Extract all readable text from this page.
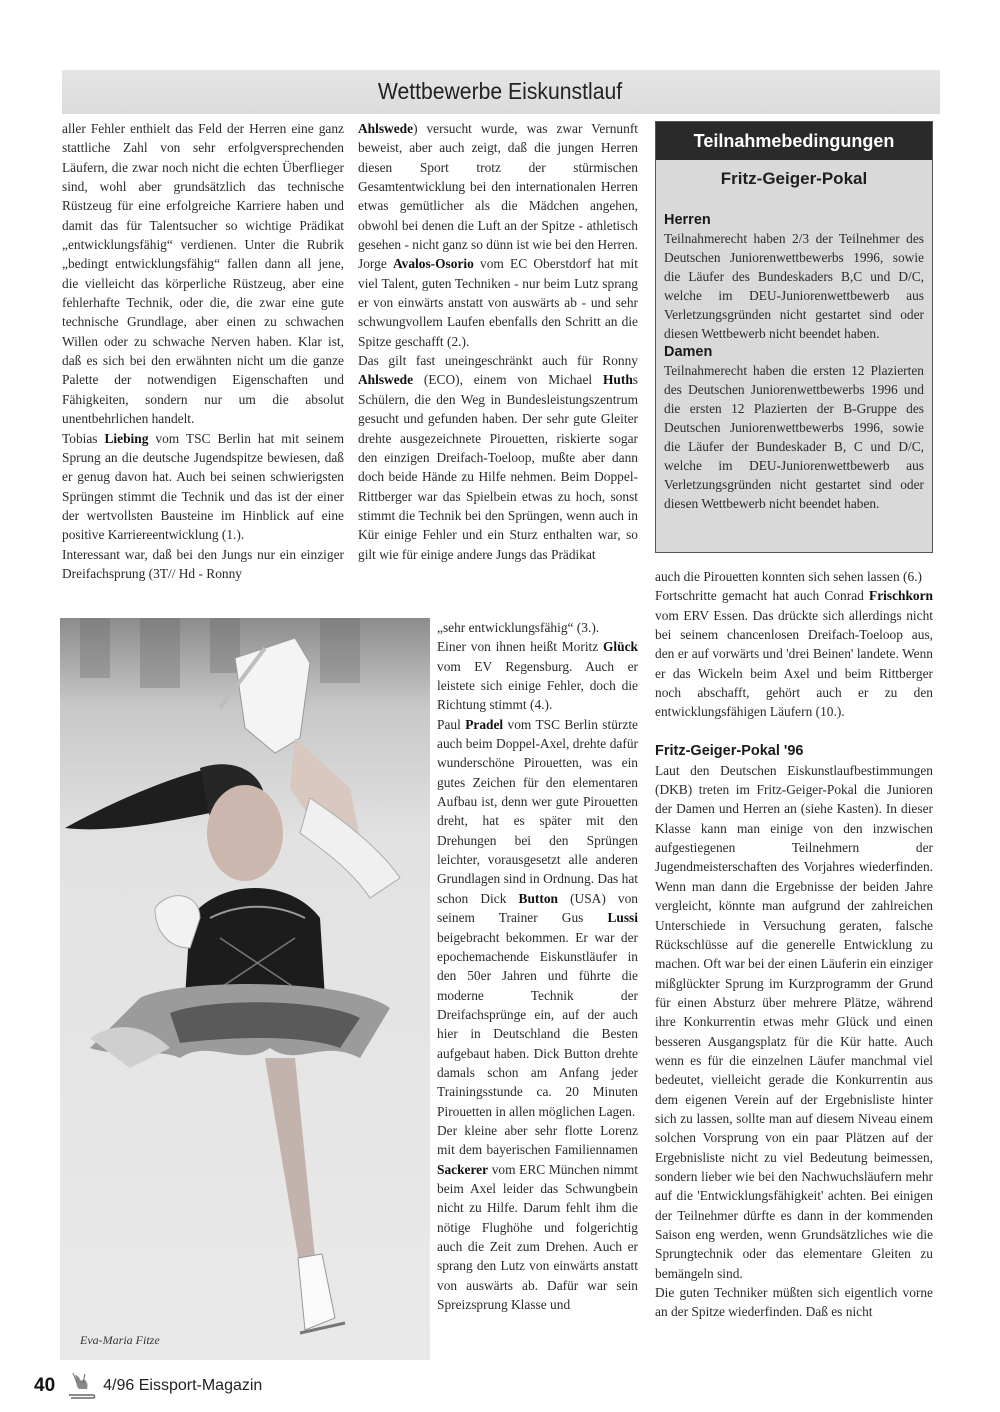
Wettbewerbe Eiskunstlauf

aller Fehler enthielt das Feld der Herren eine ganz stattliche Zahl von sehr erfolgversprechenden Läufern, die zwar noch nicht die echten Überflieger sind, wohl aber grundsätzlich das technische Rüstzeug für eine erfolgreiche Karriere haben und damit das für Talentsucher so wichtige Prädikat „entwicklungsfähig“ verdienen. Unter die Rubrik „bedingt entwicklungsfähig“ fallen dann all jene, die vielleicht das körperliche Rüstzeug, aber eine fehlerhafte Technik, oder die, die zwar eine gute technische Grundlage, aber einen zu schwachen Willen oder zu schwache Nerven haben. Klar ist, daß es sich bei den erwähnten nicht um die ganze Palette der notwendigen Eigenschaften und Fähigkeiten, sondern nur um die absolut unentbehrlichen handelt.

Tobias Liebing vom TSC Berlin hat mit seinem Sprung an die deutsche Jugendspitze bewiesen, daß er genug davon hat. Auch bei seinen schwierigsten Sprüngen stimmt die Technik und das ist der einer der wertvollsten Bausteine im Hinblick auf eine positive Karriereentwicklung (1.).

Interessant war, daß bei den Jungs nur ein einziger Dreifachsprung (3T// Hd - Ronny

Ahlswede) versucht wurde, was zwar Vernunft beweist, aber auch zeigt, daß die jungen Herren diesen Sport trotz der stürmischen Gesamtentwicklung bei den internationalen Herren etwas gemütlicher als die Mädchen angehen, obwohl bei denen die Luft an der Spitze - athletisch gesehen - nicht ganz so dünn ist wie bei den Herren.

Jorge Avalos-Osorio vom EC Oberstdorf hat mit viel Talent, guten Techniken - nur beim Lutz sprang er von einwärts anstatt von auswärts ab - und sehr schwungvollem Laufen ebenfalls den Schritt an die Spitze geschafft (2.).

Das gilt fast uneingeschränkt auch für Ronny Ahlswede (ECO), einem von Michael Huths Schülern, die den Weg in Bundesleistungszentrum gesucht und gefunden haben. Der sehr gute Gleiter drehte ausgezeichnete Pirouetten, riskierte sogar den einzigen Dreifach-Toeloop, mußte aber dann doch beide Hände zu Hilfe nehmen. Beim Doppel-Rittberger war das Spielbein etwas zu hoch, sonst stimmt die Technik bei den Sprüngen, wenn auch in Kür einige Fehler und ein Sturz enthalten war, so gilt wie für einige andere Jungs das Prädikat

„sehr entwicklungsfähig“ (3.).

Einer von ihnen heißt Moritz Glück vom EV Regensburg. Auch er leistete sich einige Fehler, doch die Richtung stimmt (4.).

Paul Pradel vom TSC Berlin stürzte auch beim Doppel-Axel, drehte dafür wunderschöne Pirouetten, was ein gutes Zeichen für den elementaren Aufbau ist, denn wer gute Pirouetten dreht, hat es später mit den Drehungen bei den Sprüngen leichter, vorausgesetzt alle anderen Grundlagen sind in Ordnung. Das hat schon Dick Button (USA) von seinem Trainer Gus Lussi beigebracht bekommen. Er war der epochemachende Eiskunstläufer in den 50er Jahren und führte die moderne Technik der Dreifachsprünge ein, auf der auch hier in Deutschland die Besten aufgebaut haben. Dick Button drehte damals schon am Anfang jeder Trainingsstunde ca. 20 Minuten Pirouetten in allen möglichen Lagen.

Der kleine aber sehr flotte Lorenz mit dem bayerischen Familiennamen Sackerer vom ERC München nimmt beim Axel leider das Schwungbein nicht zu Hilfe. Darum fehlt ihm die nötige Flughöhe und folgerichtig auch die Zeit zum Drehen. Auch er sprang den Lutz von einwärts anstatt von auswärts ab. Dafür war sein Spreizsprung Klasse und

Teilnahmebedingungen
Fritz-Geiger-Pokal
Herren
Teilnahmerecht haben 2/3 der Teilnehmer des Deutschen Juniorenwettbewerbs 1996, sowie die Läufer des Bundeskaders B,C und D/C, welche im DEU-Juniorenwettbewerb aus Verletzungsgründen nicht gestartet sind oder diesen Wettbewerb nicht beendet haben.
Damen
Teilnahmerecht haben die ersten 12 Plazierten des Deutschen Juniorenwettbewerbs 1996 und die ersten 12 Plazierten der B-Gruppe des Deutschen Juniorenwettbewerbs 1996, sowie die Läufer der Bundeskader B, C und D/C, welche im DEU-Juniorenwettbewerb aus Verletzungsgründen nicht gestartet sind oder diesen Wettbewerb nicht beendet haben.

auch die Pirouetten konnten sich sehen lassen (6.)

Fortschritte gemacht hat auch Conrad Frischkorn vom ERV Essen. Das drückte sich allerdings nicht bei seinem chancenlosen Dreifach-Toeloop aus, den er auf vorwärts und 'drei Beinen' landete. Wenn er das Wickeln beim Axel und beim Rittberger noch abschafft, gehört auch er zu den entwicklungsfähigen Läufern (10.).

Fritz-Geiger-Pokal '96

Laut den Deutschen Eiskunstlaufbestimmungen (DKB) treten im Fritz-Geiger-Pokal die Junioren der Damen und Herren an (siehe Kasten). In dieser Klasse kann man einige von den inzwischen aufgestiegenen Teilnehmern der Jugendmeisterschaften des Vorjahres wiederfinden. Wenn man dann die Ergebnisse der beiden Jahre vergleicht, könnte man aufgrund der zahlreichen Unterschiede in Versuchung geraten, falsche Rückschlüsse auf die generelle Entwicklung zu machen. Oft war bei der einen Läuferin ein einziger mißglückter Sprung im Kurzprogramm der Grund für einen Absturz über mehrere Plätze, während ihre Konkurrentin etwas mehr Glück und einen besseren Ausgangsplatz für die Kür hatte. Auch wenn es für die einzelnen Läufer manchmal viel bedeutet, vielleicht gerade die Konkurrentin aus dem eigenen Verein auf der Ergebnisliste hinter sich zu lassen, sollte man auf diesem Niveau einem solchen Vorsprung von ein paar Plätzen auf der Ergebnisliste nicht zu viel Bedeutung beimessen, sondern lieber wie bei den Nachwuchsläufern mehr auf die 'Entwicklungsfähigkeit' achten. Bei einigen der Teilnehmer dürfte es dann in der kommenden Saison eng werden, wenn Grundsätzliches wie die Sprungtechnik oder das elementare Gleiten zu bemängeln sind.

Die guten Techniker müßten sich eigentlich vorne an der Spitze wiederfinden. Daß es nicht

Eva-Maria Fitze
40	4/96 Eissport-Magazin
